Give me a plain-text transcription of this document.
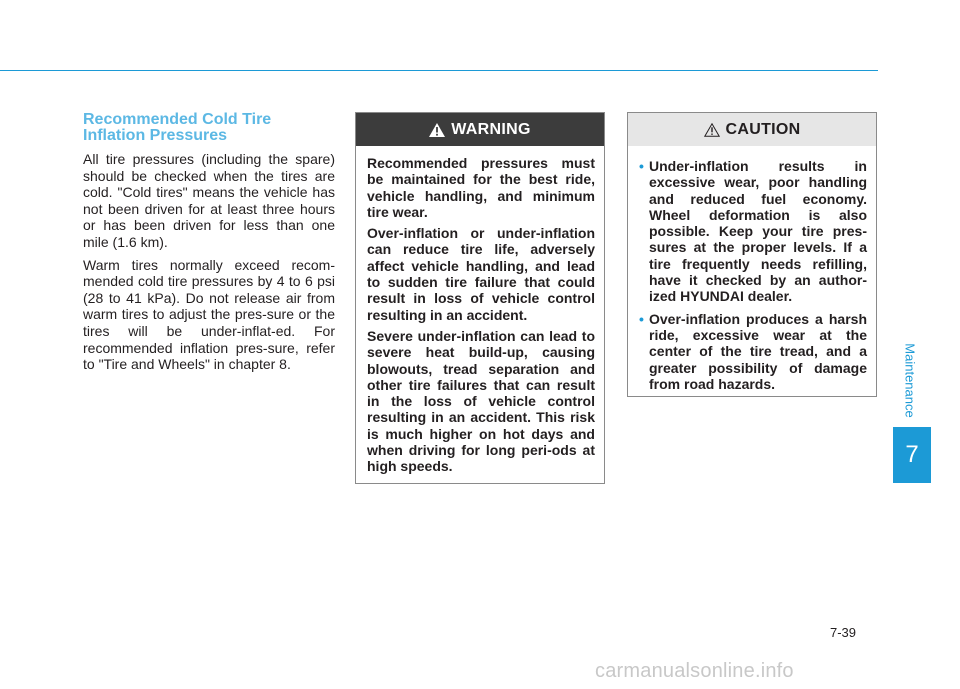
Recommended Cold Tire Inflation Pressures

All tire pressures (including the spare) should be checked when the tires are cold. "Cold tires" means the vehicle has not been driven for at least three hours or has been driven for less than one mile (1.6 km).

Warm tires normally exceed recom-mended cold tire pressures by 4 to 6 psi (28 to 41 kPa). Do not release air from warm tires to adjust the pres-sure or the tires will be under-inflat-ed. For recommended inflation pres-sure, refer to "Tire and Wheels" in chapter 8.

WARNING

Recommended pressures must be maintained for the best ride, vehicle handling, and minimum tire wear.

Over-inflation or under-inflation can reduce tire life, adversely affect vehicle handling, and lead to sudden tire failure that could result in loss of vehicle control resulting in an accident.

Severe under-inflation can lead to severe heat build-up, causing blowouts, tread separation and other tire failures that can result in the loss of vehicle control resulting in an accident. This risk is much higher on hot days and when driving for long peri-ods at high speeds.

CAUTION
• Under-inflation results in excessive wear, poor handling and reduced fuel economy. Wheel deformation is also possible. Keep your tire pres-sures at the proper levels. If a tire frequently needs refilling, have it checked by an author-ized HYUNDAI dealer.
• Over-inflation produces a harsh ride, excessive wear at the center of the tire tread, and a greater possibility of damage from road hazards.	Maintenance
7
7-39
carmanualsonline.info
